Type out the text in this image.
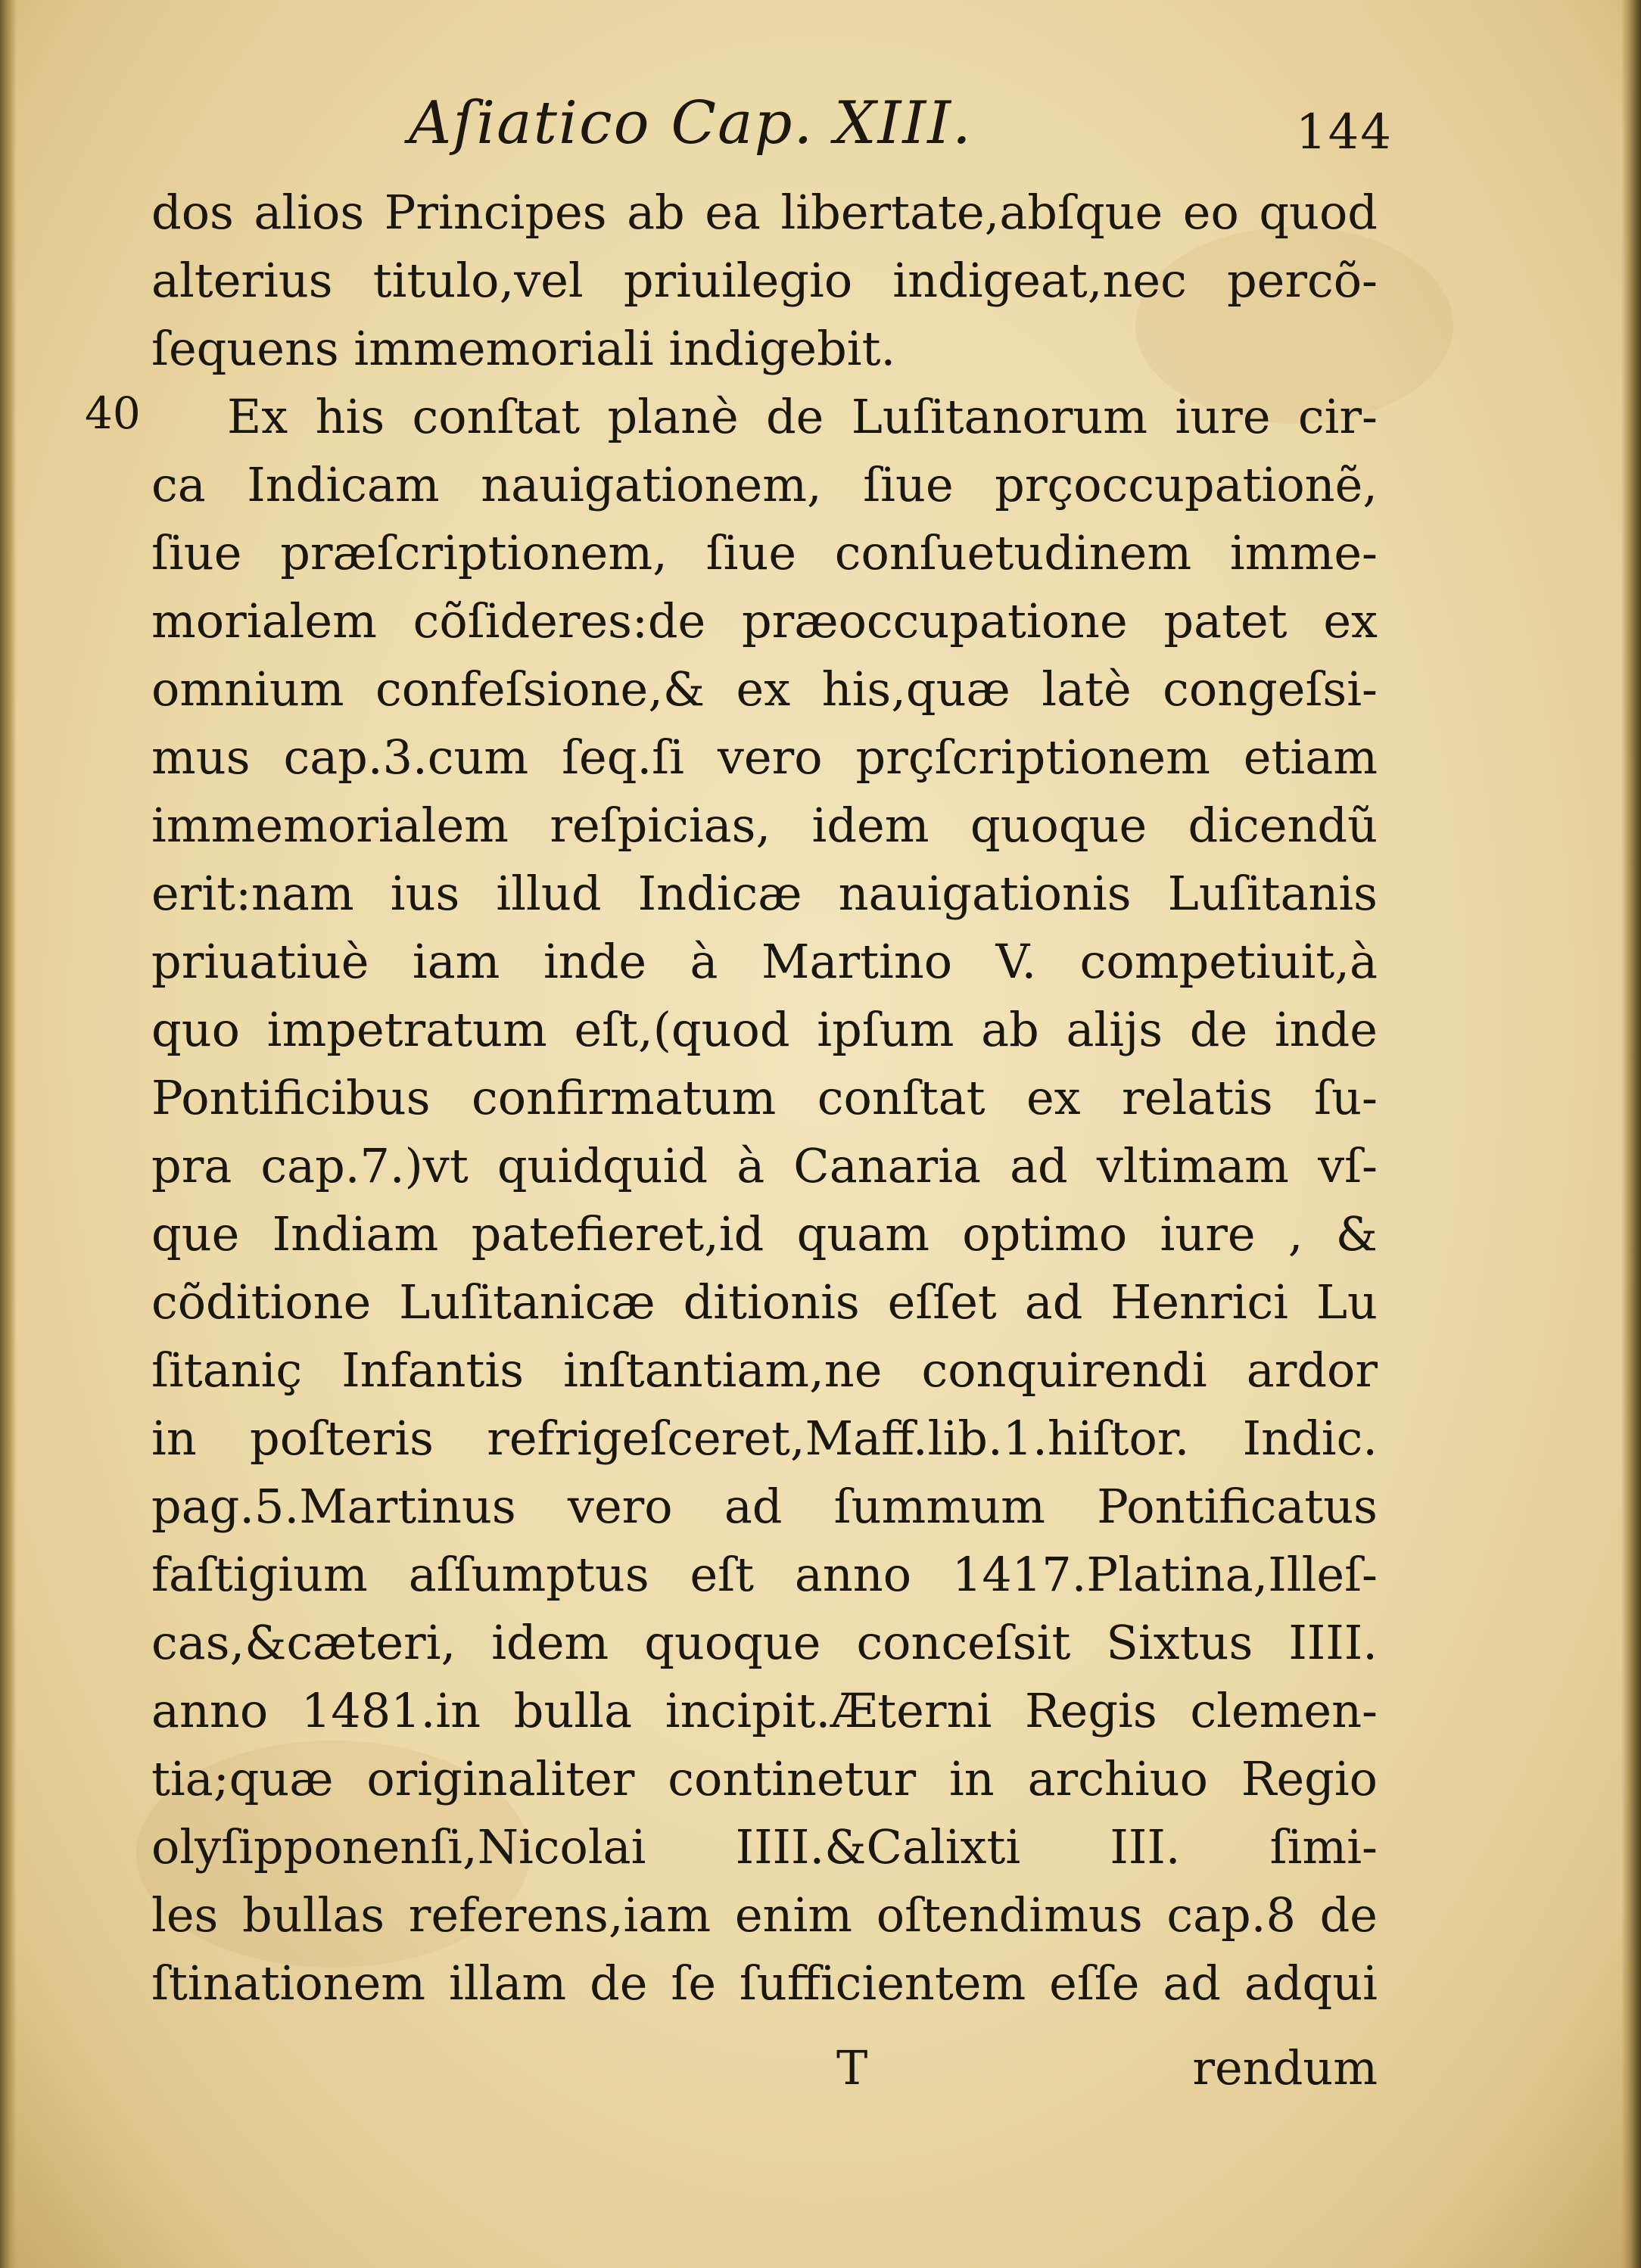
Aſiatico Cap. XIII.	144
40
dos alios Principes ab ea libertate,abſque eo quod
alterius titulo,vel priuilegio indigeat,nec percõ-
ſequens immemoriali indigebit.
Ex his conſtat planè de Luſitanorum iure cir-
ca Indicam nauigationem, ſiue prçoccupationẽ,
ſiue præſcriptionem, ſiue conſuetudinem imme-
morialem cõſideres:de præoccupatione patet ex
omnium confeſsione,& ex his,quæ latè congeſsi-
mus cap.3.cum ſeq.ſi vero prçſcriptionem etiam
immemorialem reſpicias, idem quoque dicendũ
erit:nam ius illud Indicæ nauigationis Luſitanis
priuatiuè iam inde à Martino V. competiuit,à
quo impetratum eſt,(quod ipſum ab alijs de inde
Pontificibus confirmatum conſtat ex relatis ſu-
pra cap.7.)vt quidquid à Canaria ad vltimam vſ-
que Indiam patefieret,id quam optimo iure , &
cõditione Luſitanicæ ditionis eſſet ad Henrici Lu
ſitaniç Infantis inſtantiam,ne conquirendi ardor
in poſteris refrigeſceret,Maff.lib.1.hiſtor. Indic.
pag.5.Martinus vero ad ſummum Pontificatus
faſtigium aſſumptus eſt anno 1417.Platina,Illeſ-
cas,&cæteri, idem quoque conceſsit Sixtus IIII.
anno 1481.in bulla incipit.Æterni Regis clemen-
tia;quæ originaliter continetur in archiuo Regio
olyſipponenſi,Nicolai IIII.&Calixti III. ſimi-
les bullas referens,iam enim oſtendimus cap.8 de
ſtinationem illam de ſe ſufficientem eſſe ad adqui
T	rendum
